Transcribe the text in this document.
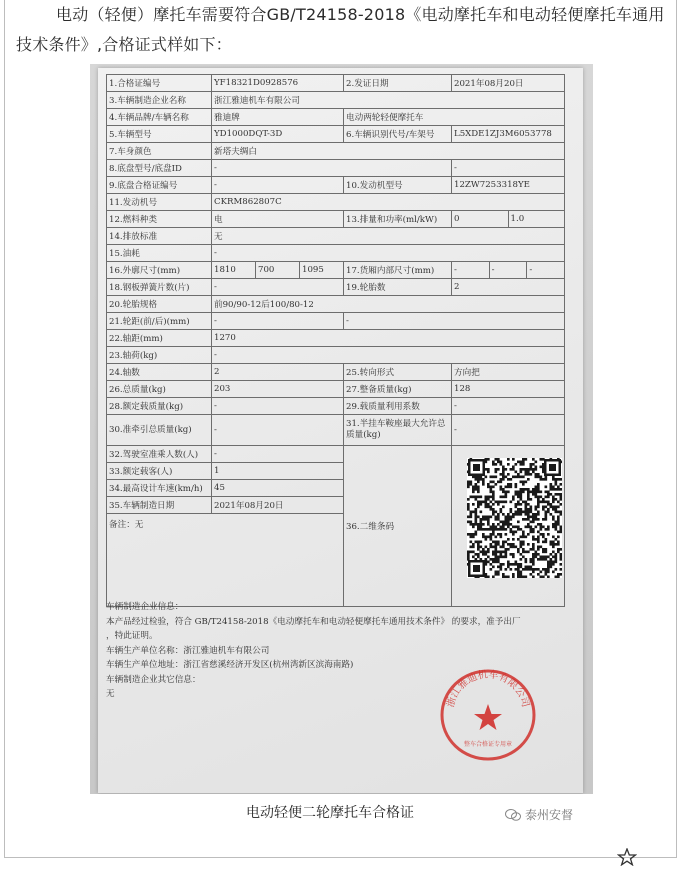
电动（轻便）摩托车需要符合GB/T24158-2018《电动摩托车和电动轻便摩托车通用技术条件》,合格证式样如下：

1.合格证编号	YF18321D0928576	2.发证日期	2021年08月20日
3.车辆制造企业名称	浙江雅迪机车有限公司		
4.车辆品牌/车辆名称	雅迪牌	电动两轮轻便摩托车	
5.车辆型号	YD1000DQT-3D	6.车辆识别代号/车架号	L5XDE1ZJ3M6053778
7.车身颜色	新塔夫绸白		
8.底盘型号/底盘ID	-		-
9.底盘合格证编号	-	10.发动机型号	12ZW7253318YE
11.发动机号	CKRM862807C		
12.燃料种类	电	13.排量和功率(ml/kW)	0 1.0

14.排放标准	无		
15.油耗	-		
16.外廓尺寸(mm)	1810 700 1095	17.货厢内部尺寸(mm)	- - -

18.钢板弹簧片数(片)	-	19.轮胎数	2
20.轮胎规格	前90/90-12后100/80-12		
21.轮距(前/后)(mm)	-	-	
22.轴距(mm)	1270		
23.轴荷(kg)	-		
24.轴数	2	25.转向形式	方向把
26.总质量(kg)	203	27.整备质量(kg)	128
28.额定载质量(kg)	-	29.载质量利用系数	-
30.准牵引总质量(kg)	-	31.半挂车鞍座最大允许总质量(kg)	-
32.驾驶室准乘人数(人)	-	36.二维条码	
33.额定载客(人)	1		
34.最高设计车速(km/h)	45		
35.车辆制造日期	2021年08月20日		
备注：无			

车辆制造企业信息：

本产品经过检验，符合 GB/T24158-2018《电动摩托车和电动轻便摩托车通用技术条件》 的要求，准予出厂

，特此证明。

车辆生产单位名称：浙江雅迪机车有限公司

车辆生产单位地址：浙江省慈溪经济开发区(杭州湾新区滨海南路)

车辆制造企业其它信息：

无

浙江雅迪机车有限公司
整车合格证专用章
电动轻便二轮摩托车合格证	泰州安督
